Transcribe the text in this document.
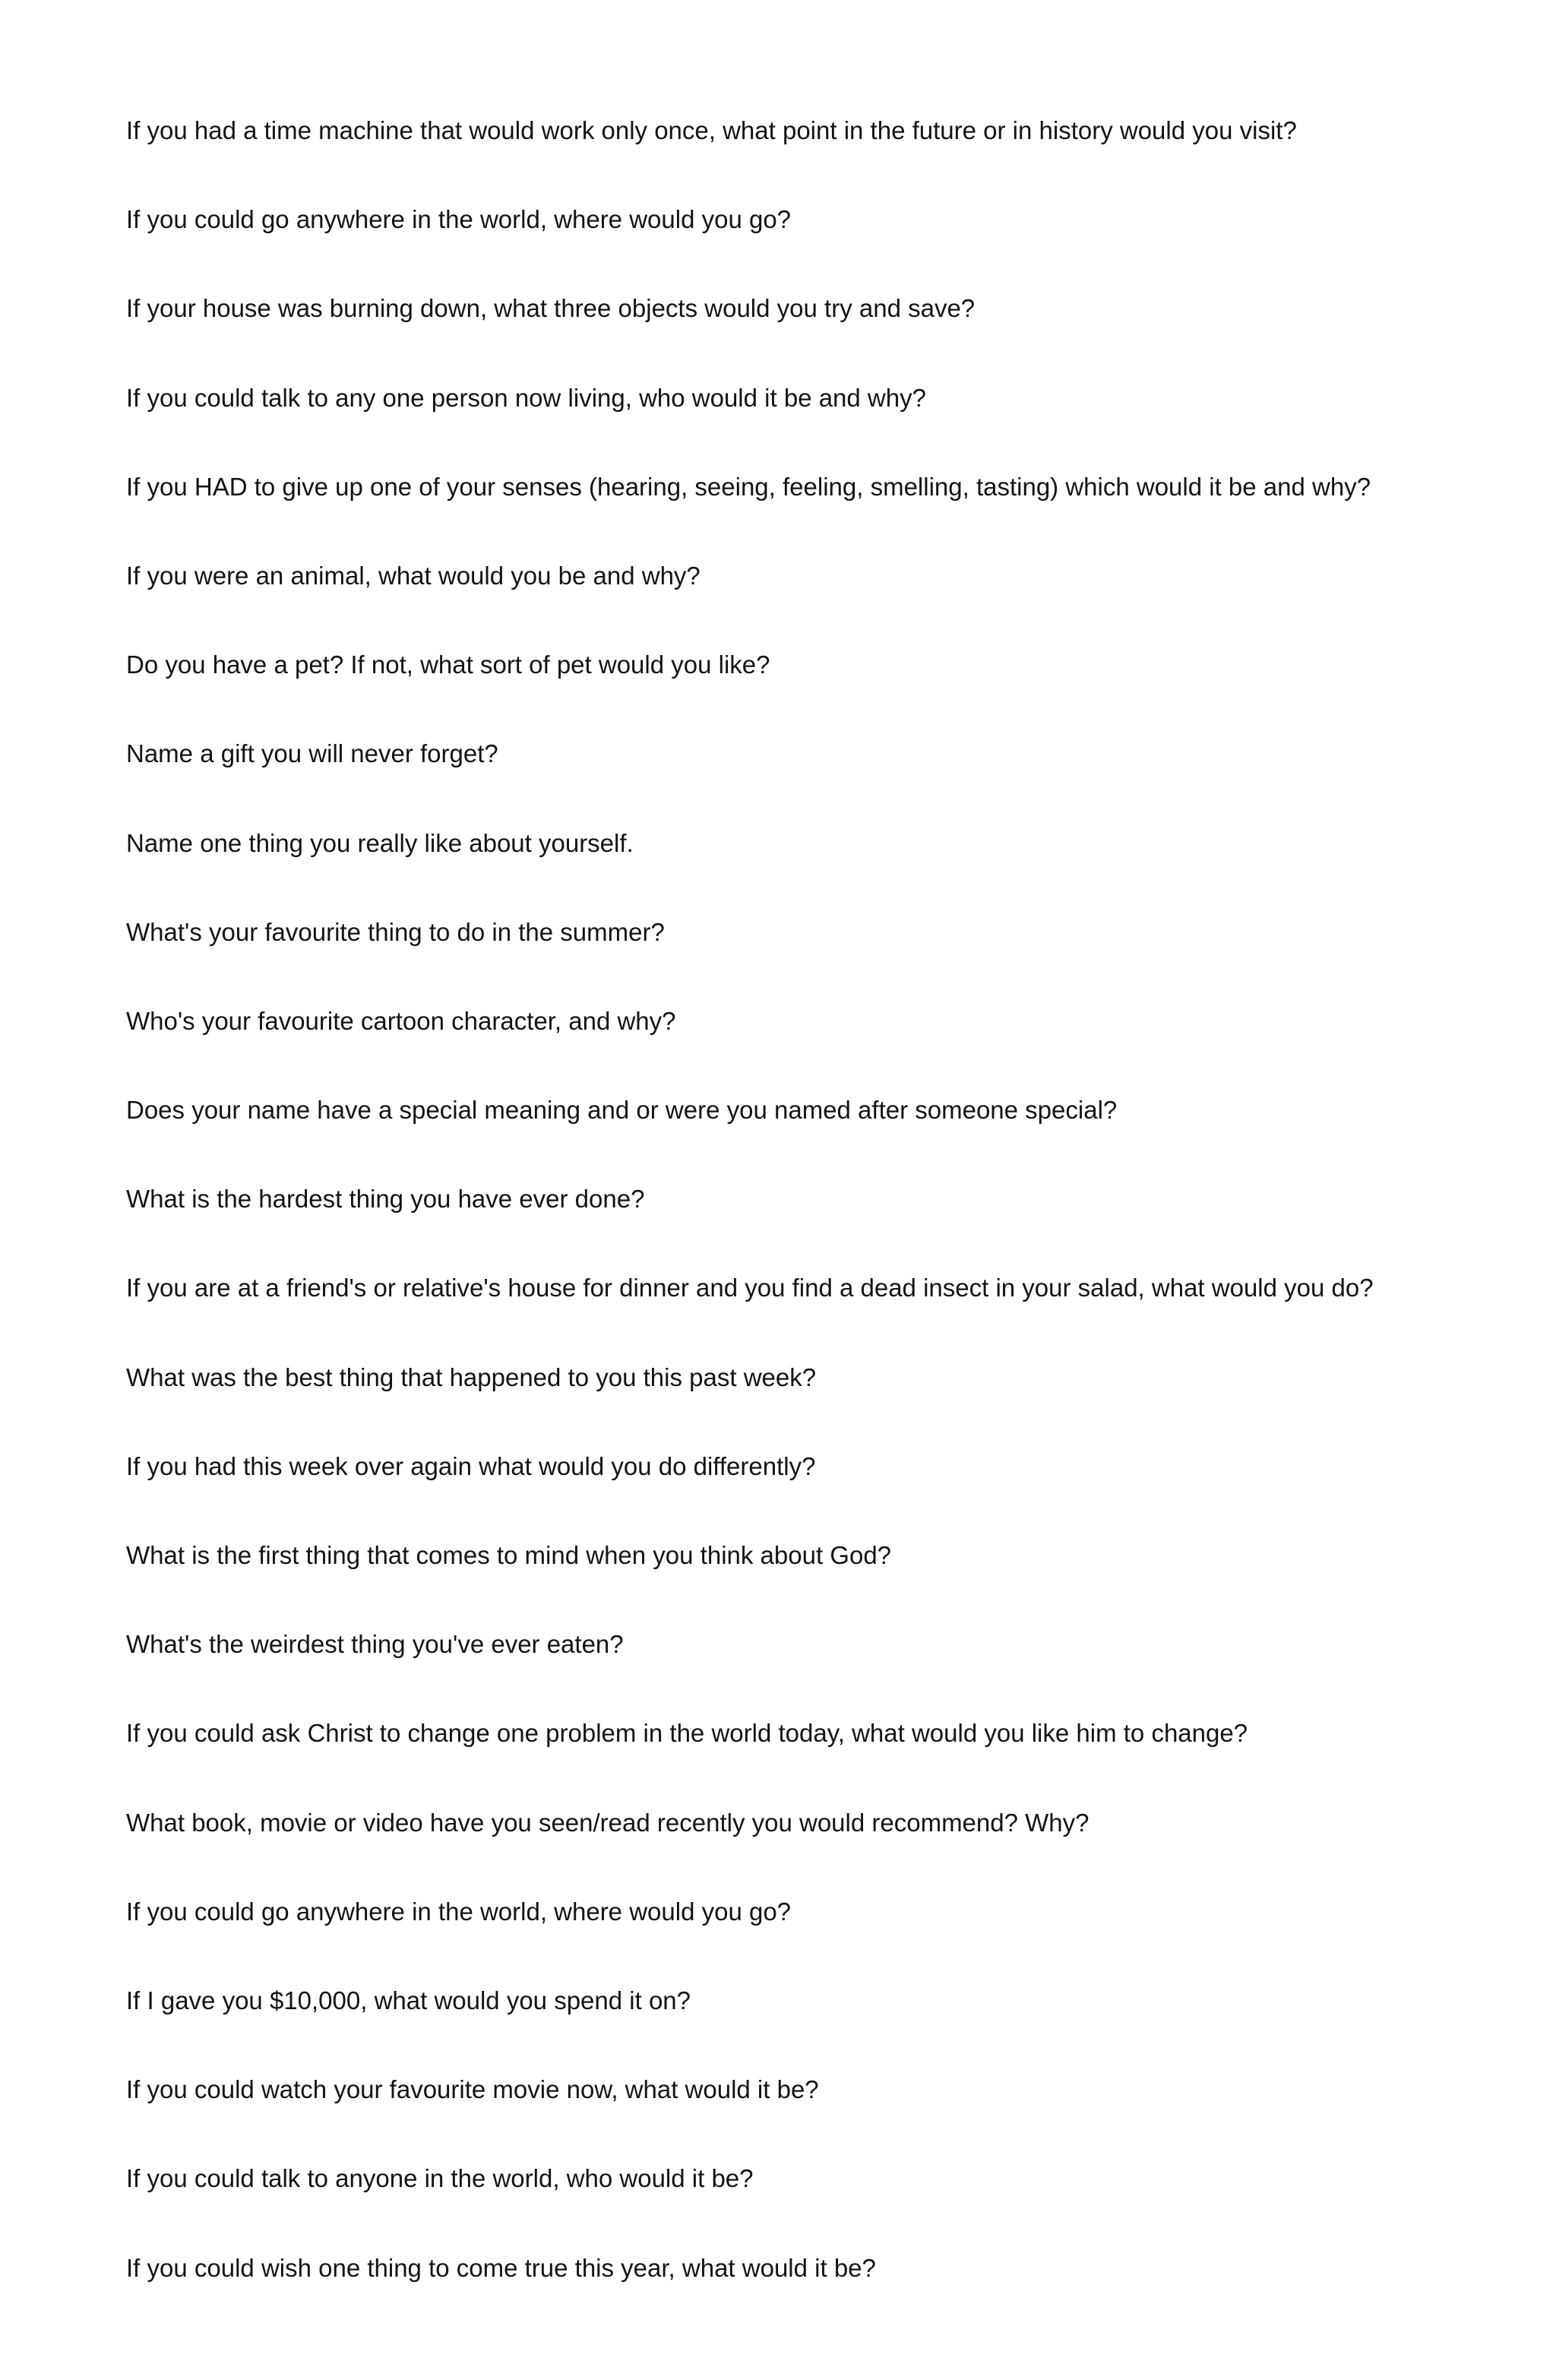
If you had a time machine that would work only once, what point in the future or in history would you visit?
If you could go anywhere in the world, where would you go?
If your house was burning down, what three objects would you try and save?
If you could talk to any one person now living, who would it be and why?
If you HAD to give up one of your senses (hearing, seeing, feeling, smelling, tasting) which would it be and why?
If you were an animal, what would you be and why?
Do you have a pet? If not, what sort of pet would you like?
Name a gift you will never forget?
Name one thing you really like about yourself.
What's your favourite thing to do in the summer?
Who's your favourite cartoon character, and why?
Does your name have a special meaning and or were you named after someone special?
What is the hardest thing you have ever done?
If you are at a friend's or relative's house for dinner and you find a dead insect in your salad, what would you do?
What was the best thing that happened to you this past week?
If you had this week over again what would you do differently?
What is the first thing that comes to mind when you think about God?
What's the weirdest thing you've ever eaten?
If you could ask Christ to change one problem in the world today, what would you like him to change?
What book, movie or video have you seen/read recently you would recommend? Why?
If you could go anywhere in the world, where would you go?
If I gave you $10,000, what would you spend it on?
If you could watch your favourite movie now, what would it be?
If you could talk to anyone in the world, who would it be?
If you could wish one thing to come true this year, what would it be?
